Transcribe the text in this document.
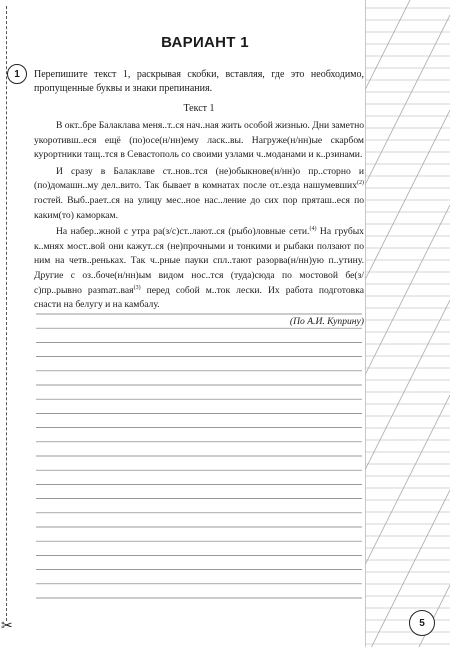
✂
ВАРИАНТ 1
1	Перепишите текст 1, раскрывая скобки, вставляя, где это необходимо, пропущенные буквы и знаки препинания.
Текст 1

В окт..бре Балаклава меня..т..ся нач..ная жить особой жизнью. Дни заметно укоротивш..еся ещё (по)осе(н/нн)ему ласк..вы. Нагруже(н/нн)ые скарбом курортники тащ..тся в Севастополь со своими узлами ч..моданами и к..рзинами.

И сразу в Балаклаве ст..нов..тся (не)обыкнове(н/нн)о пр..сторно и (по)домашн..му дел..вито. Так бывает в комнатах после от..езда нашумевших$^{(2)}$ гостей. Выб..рает..ся на улицу мес..ное нас..ление до сих пор пряташ..еся по каким(то) каморкам.

На набер..жной с утра ра(з/с)ст..лают..ся (рыбо)ловные сети.$^{(4)}$ На грубых к..мнях мост..вой они кажут..ся (не)прочными и тонкими и рыбаки ползают по ним на четв..реньках. Так ч..рные пауки спл..тают разорва(н/нн)ую п..утину. Другие с оз..боче(н/нн)ым видом нос..тся (туда)сюда по мостовой бе(з/с)пр..рывно разmат..вая$^{(3)}$ перед собой м..ток лески. Их работа подготовка снасти на белугу и на камбалу.

(По А.И. Куприну)
5
